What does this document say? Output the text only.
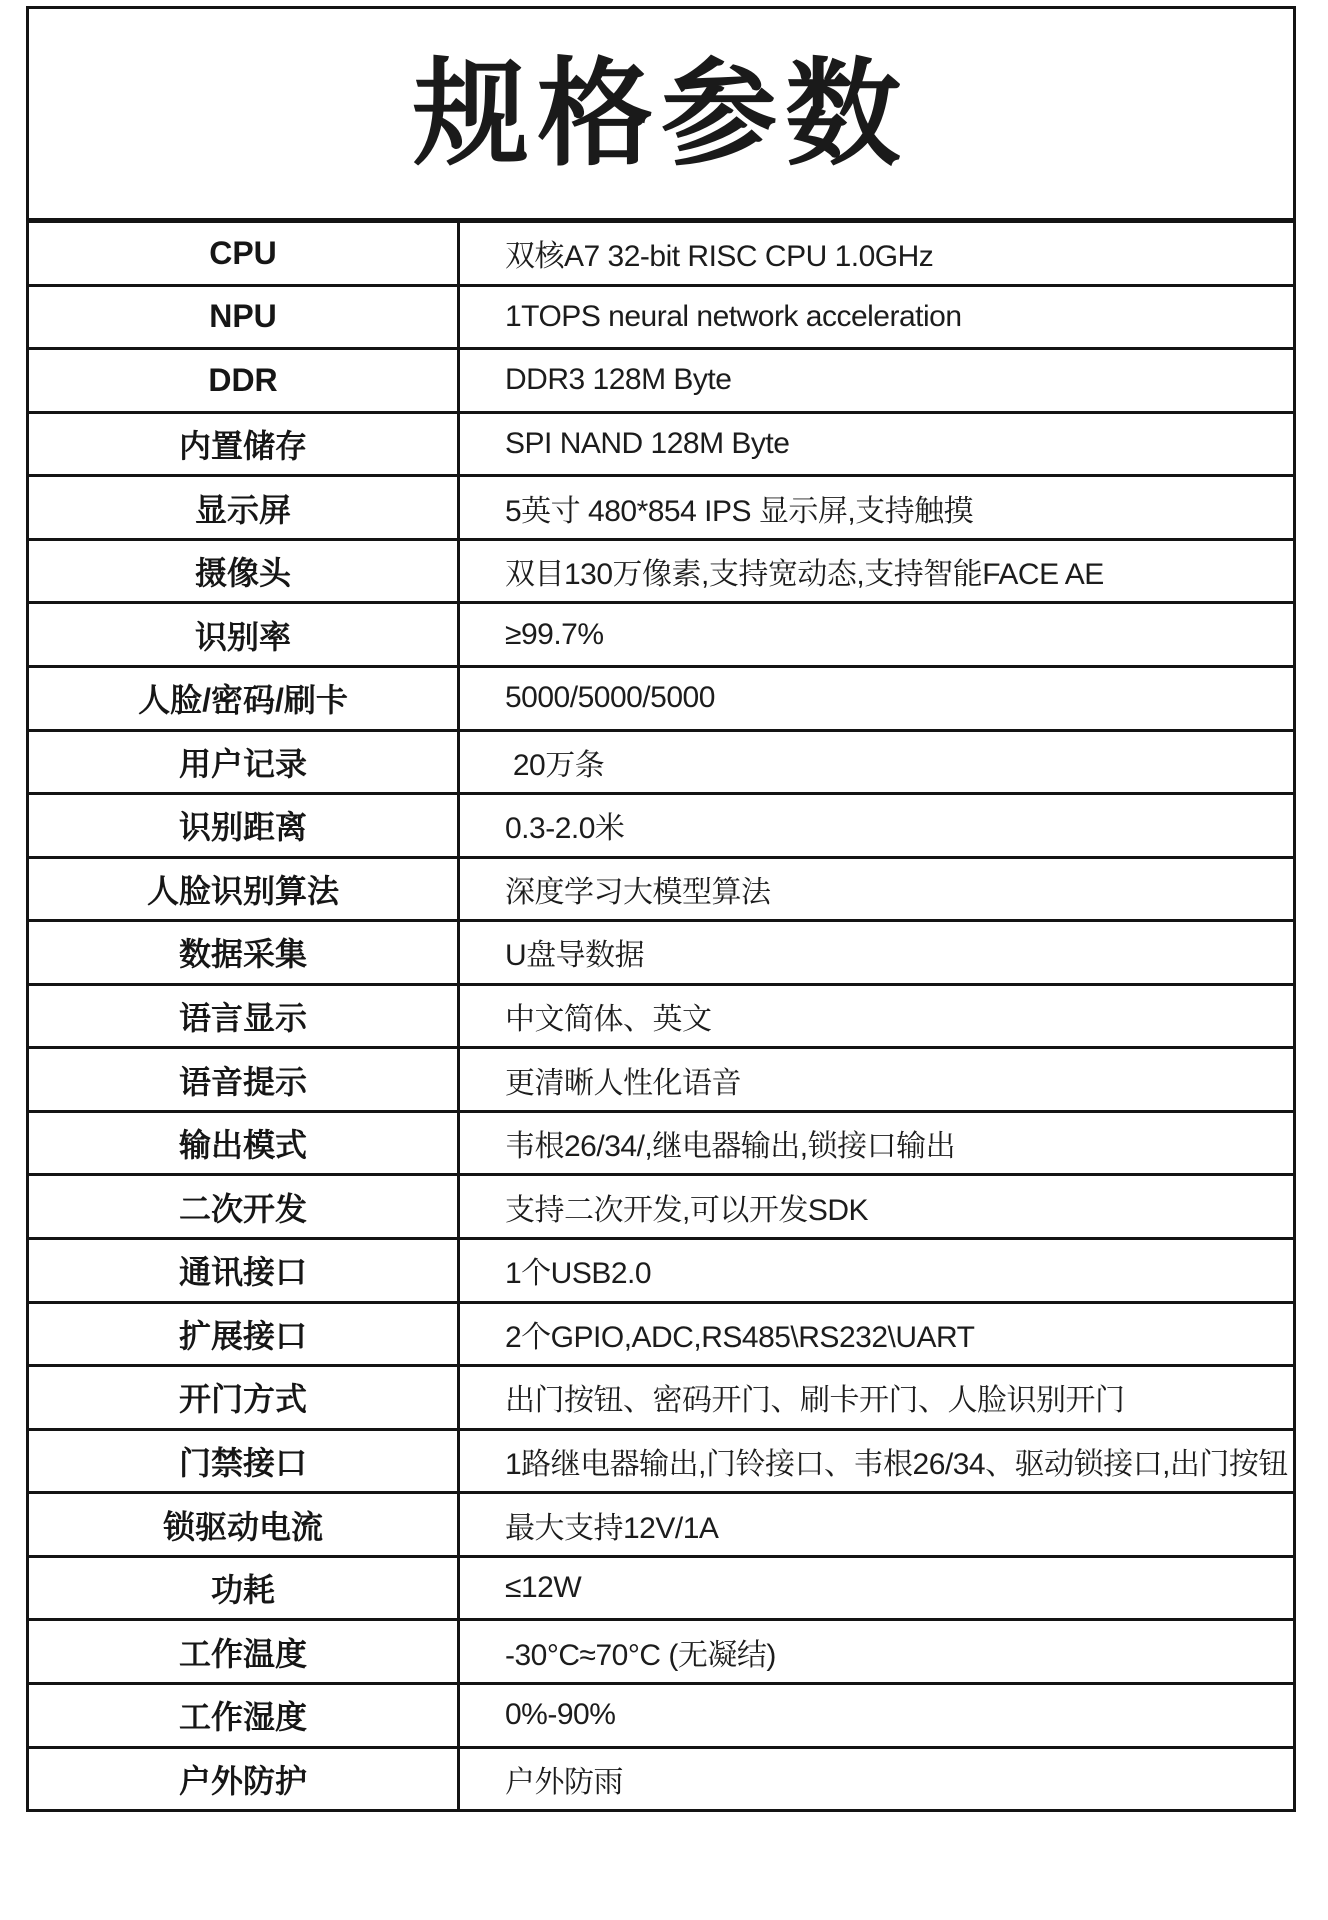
规格参数
CPU	双核A7 32-bit RISC CPU 1.0GHz
NPU	1TOPS neural network acceleration
DDR	DDR3 128M Byte
内置储存	SPI NAND 128M Byte
显示屏	5英寸 480*854 IPS 显示屏,支持触摸
摄像头	双目130万像素,支持宽动态,支持智能FACE AE
识别率	≥99.7%
人脸/密码/刷卡	5000/5000/5000
用户记录	20万条
识别距离	0.3-2.0米
人脸识别算法	深度学习大模型算法
数据采集	U盘导数据
语言显示	中文简体、英文
语音提示	更清晰人性化语音
输出模式	韦根26/34/,继电器输出,锁接口输出
二次开发	支持二次开发,可以开发SDK
通讯接口	1个USB2.0
扩展接口	2个GPIO,ADC,RS485\RS232\UART
开门方式	出门按钮、密码开门、刷卡开门、人脸识别开门
门禁接口	1路继电器输出,门铃接口、韦根26/34、驱动锁接口,出门按钮
锁驱动电流	最大支持12V/1A
功耗	≤12W
工作温度	-30°C≈70°C (无凝结)
工作湿度	0%-90%
户外防护	户外防雨
